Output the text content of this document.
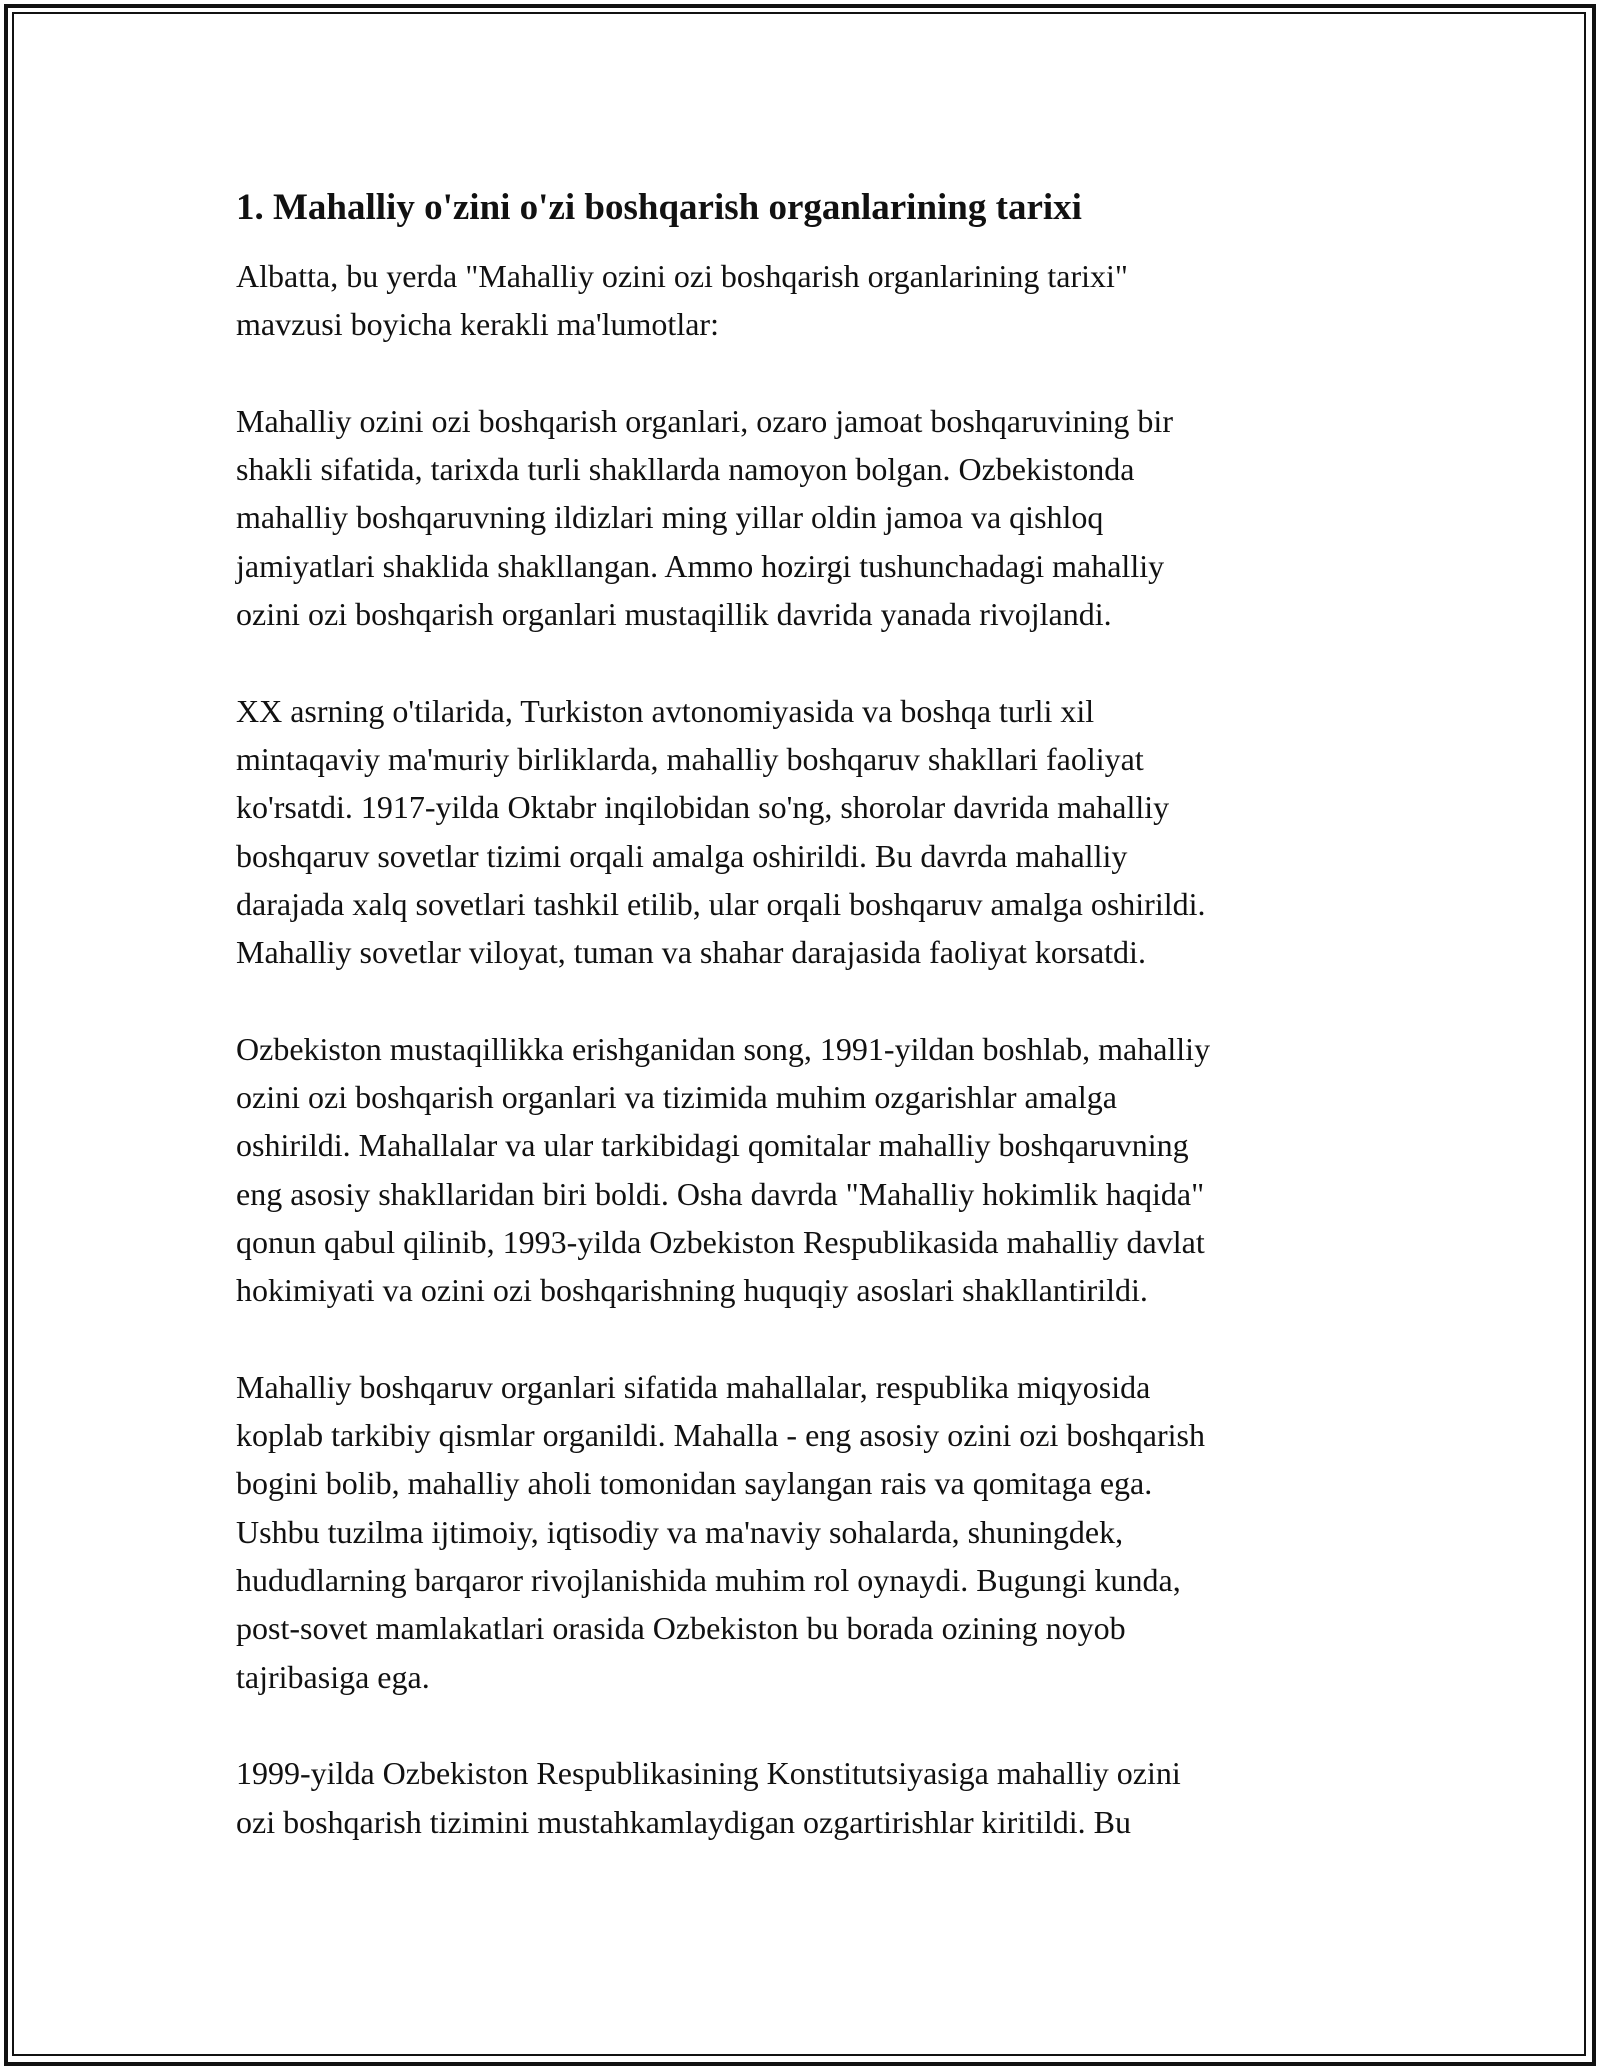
1. Mahalliy o'zini o'zi boshqarish organlarining tarixi
Albatta, bu yerda "Mahalliy ozini ozi boshqarish organlarining tarixi"
mavzusi boyicha kerakli ma'lumotlar:
Mahalliy ozini ozi boshqarish organlari, ozaro jamoat boshqaruvining bir
shakli sifatida, tarixda turli shakllarda namoyon bolgan. Ozbekistonda
mahalliy boshqaruvning ildizlari ming yillar oldin jamoa va qishloq
jamiyatlari shaklida shakllangan. Ammo hozirgi tushunchadagi mahalliy
ozini ozi boshqarish organlari mustaqillik davrida yanada rivojlandi.
XX asrning o'tilarida, Turkiston avtonomiyasida va boshqa turli xil
mintaqaviy ma'muriy birliklarda, mahalliy boshqaruv shakllari faoliyat
ko'rsatdi. 1917-yilda Oktabr inqilobidan so'ng, shorolar davrida mahalliy
boshqaruv sovetlar tizimi orqali amalga oshirildi. Bu davrda mahalliy
darajada xalq sovetlari tashkil etilib, ular orqali boshqaruv amalga oshirildi.
Mahalliy sovetlar viloyat, tuman va shahar darajasida faoliyat korsatdi.
Ozbekiston mustaqillikka erishganidan song, 1991-yildan boshlab, mahalliy
ozini ozi boshqarish organlari va tizimida muhim ozgarishlar amalga
oshirildi. Mahallalar va ular tarkibidagi qomitalar mahalliy boshqaruvning
eng asosiy shakllaridan biri boldi. Osha davrda "Mahalliy hokimlik haqida"
qonun qabul qilinib, 1993-yilda Ozbekiston Respublikasida mahalliy davlat
hokimiyati va ozini ozi boshqarishning huquqiy asoslari shakllantirildi.
Mahalliy boshqaruv organlari sifatida mahallalar, respublika miqyosida
koplab tarkibiy qismlar organildi. Mahalla - eng asosiy ozini ozi boshqarish
bogini bolib, mahalliy aholi tomonidan saylangan rais va qomitaga ega.
Ushbu tuzilma ijtimoiy, iqtisodiy va ma'naviy sohalarda, shuningdek,
hududlarning barqaror rivojlanishida muhim rol oynaydi. Bugungi kunda,
post-sovet mamlakatlari orasida Ozbekiston bu borada ozining noyob
tajribasiga ega.
1999-yilda Ozbekiston Respublikasining Konstitutsiyasiga mahalliy ozini
ozi boshqarish tizimini mustahkamlaydigan ozgartirishlar kiritildi. Bu
